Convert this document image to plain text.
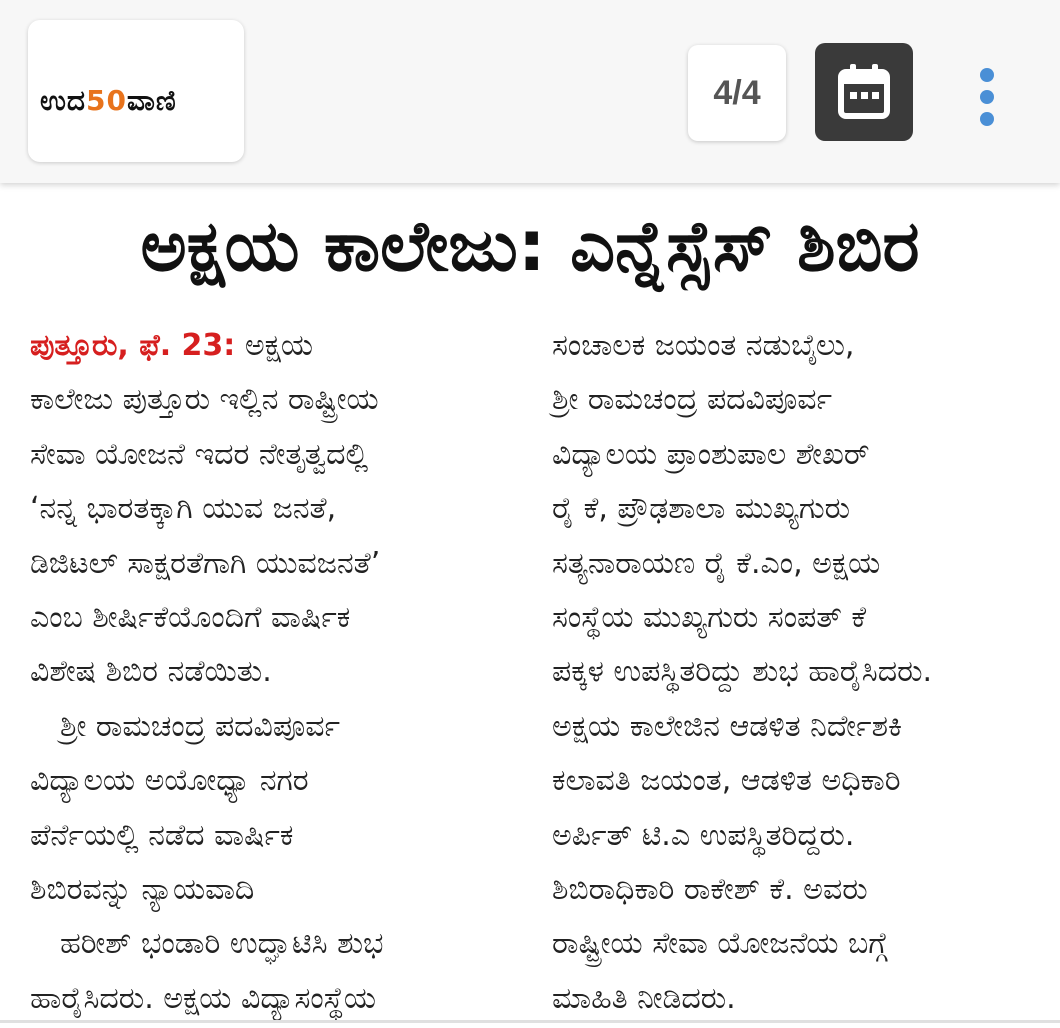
ಉದ50ವಾಣಿ	4/4
ಅಕ್ಷಯ ಕಾಲೇಜು: ಎನ್ನೆಸ್ಸೆಸ್ ಶಿಬಿರ
ಪುತ್ತೂರು, ಫೆ. 23: ಅಕ್ಷಯ
ಕಾಲೇಜು ಪುತ್ತೂರು ಇಲ್ಲಿನ ರಾಷ್ಟ್ರೀಯ
ಸೇವಾ ಯೋಜನೆ ಇದರ ನೇತೃತ್ವದಲ್ಲಿ
‘ನನ್ನ ಭಾರತಕ್ಕಾಗಿ ಯುವ ಜನತೆ,
ಡಿಜಿಟಲ್ ಸಾಕ್ಷರತೆಗಾಗಿ ಯುವಜನತೆ’
ಎಂಬ ಶೀರ್ಷಿಕೆಯೊಂದಿಗೆ ವಾರ್ಷಿಕ
ವಿಶೇಷ ಶಿಬಿರ ನಡೆಯಿತು.
ಶ್ರೀ ರಾಮಚಂದ್ರ ಪದವಿಪೂರ್ವ
ವಿದ್ಯಾಲಯ ಅಯೋಧ್ಯಾ ನಗರ
ಪೆರ್ನೆಯಲ್ಲಿ ನಡೆದ ವಾರ್ಷಿಕ
ಶಿಬಿರವನ್ನು ನ್ಯಾಯವಾದಿ
ಹರೀಶ್ ಭಂಡಾರಿ ಉದ್ಘಾಟಿಸಿ ಶುಭ
ಹಾರೈಸಿದರು. ಅಕ್ಷಯ ವಿದ್ಯಾಸಂಸ್ಥೆಯ
ಸಂಚಾಲಕ ಜಯಂತ ನಡುಬೈಲು,
ಶ್ರೀ ರಾಮಚಂದ್ರ ಪದವಿಪೂರ್ವ
ವಿದ್ಯಾಲಯ ಪ್ರಾಂಶುಪಾಲ ಶೇಖರ್
ರೈ ಕೆ, ಪ್ರೌಢಶಾಲಾ ಮುಖ್ಯಗುರು
ಸತ್ಯನಾರಾಯಣ ರೈ ಕೆ.ಎಂ, ಅಕ್ಷಯ
ಸಂಸ್ಥೆಯ ಮುಖ್ಯಗುರು ಸಂಪತ್ ಕೆ
ಪಕ್ಕಳ ಉಪಸ್ಥಿತರಿದ್ದು ಶುಭ ಹಾರೈಸಿದರು.
ಅಕ್ಷಯ ಕಾಲೇಜಿನ ಆಡಳಿತ ನಿರ್ದೇಶಕಿ
ಕಲಾವತಿ ಜಯಂತ, ಆಡಳಿತ ಅಧಿಕಾರಿ
ಅರ್ಪಿತ್ ಟಿ.ಎ ಉಪಸ್ಥಿತರಿದ್ದರು.
ಶಿಬಿರಾಧಿಕಾರಿ ರಾಕೇಶ್ ಕೆ. ಅವರು
ರಾಷ್ಟ್ರೀಯ ಸೇವಾ ಯೋಜನೆಯ ಬಗ್ಗೆ
ಮಾಹಿತಿ ನೀಡಿದರು.
